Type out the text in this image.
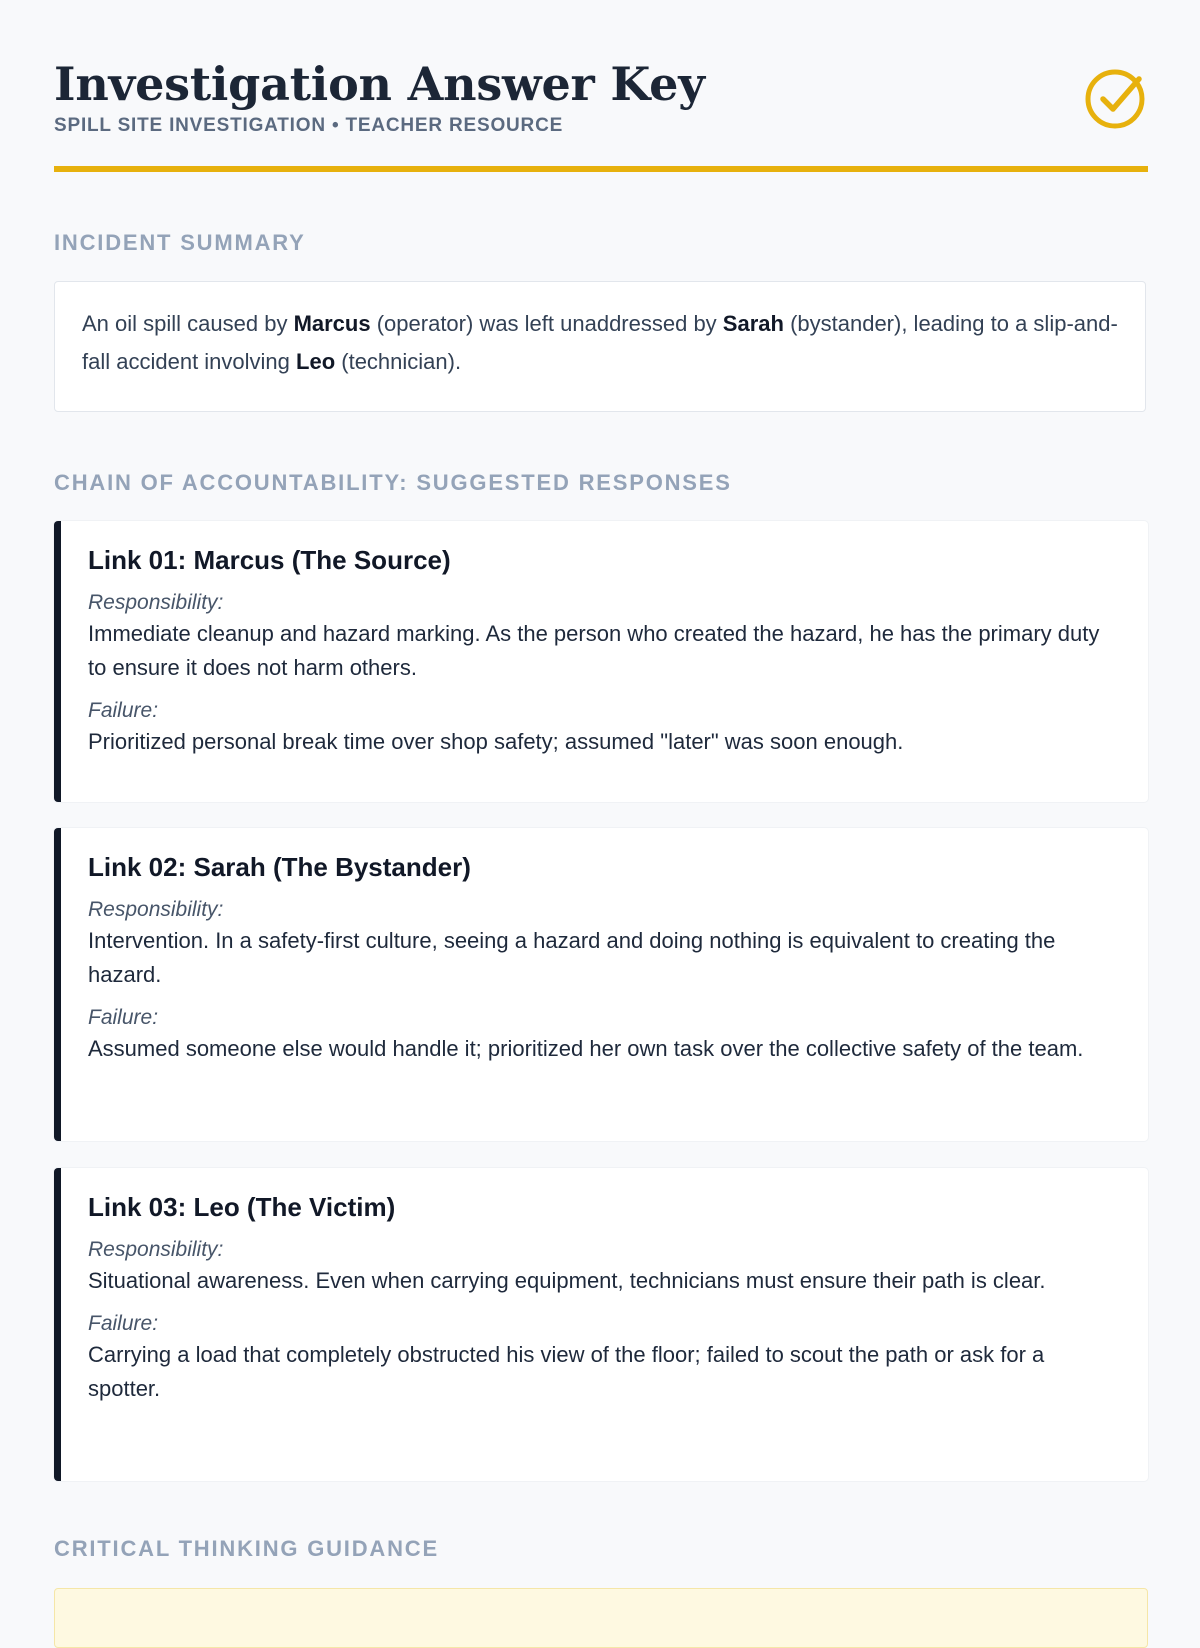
Investigation Answer Key
SPILL SITE INVESTIGATION • TEACHER RESOURCE
INCIDENT SUMMARY
An oil spill caused by Marcus (operator) was left unaddressed by Sarah (bystander), leading to a slip-and-fall accident involving Leo (technician).
CHAIN OF ACCOUNTABILITY: SUGGESTED RESPONSES
Link 01: Marcus (The Source)
Responsibility:
Immediate cleanup and hazard marking. As the person who created the hazard, he has the primary duty to ensure it does not harm others.
Failure:
Prioritized personal break time over shop safety; assumed "later" was soon enough.
Link 02: Sarah (The Bystander)
Responsibility:
Intervention. In a safety-first culture, seeing a hazard and doing nothing is equivalent to creating the hazard.
Failure:
Assumed someone else would handle it; prioritized her own task over the collective safety of the team.
Link 03: Leo (The Victim)
Responsibility:
Situational awareness. Even when carrying equipment, technicians must ensure their path is clear.
Failure:
Carrying a load that completely obstructed his view of the floor; failed to scout the path or ask for a spotter.
CRITICAL THINKING GUIDANCE
